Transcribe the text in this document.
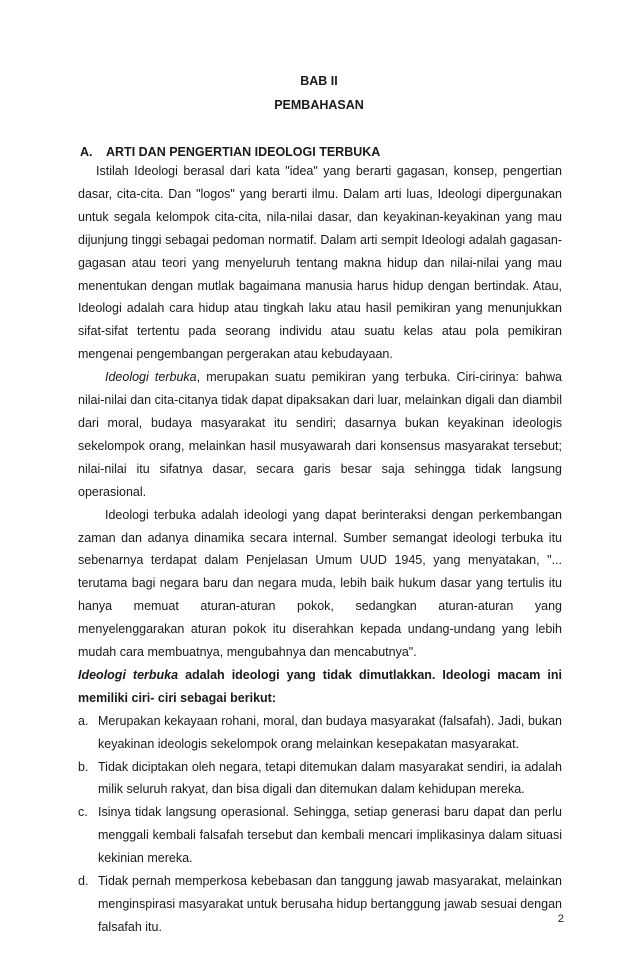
BAB II
PEMBAHASAN
A. ARTI DAN PENGERTIAN IDEOLOGI TERBUKA

Istilah Ideologi berasal dari kata "idea" yang berarti gagasan, konsep, pengertian dasar, cita-cita. Dan "logos" yang berarti ilmu. Dalam arti luas, Ideologi dipergunakan untuk segala kelompok cita-cita, nila-nilai dasar, dan keyakinan-keyakinan yang mau dijunjung tinggi sebagai pedoman normatif. Dalam arti sempit Ideologi adalah gagasan-gagasan atau teori yang menyeluruh tentang makna hidup dan nilai-nilai yang mau menentukan dengan mutlak bagaimana manusia harus hidup dengan bertindak. Atau, Ideologi adalah cara hidup atau tingkah laku atau hasil pemikiran yang menunjukkan sifat-sifat tertentu pada seorang individu atau suatu kelas atau pola pemikiran mengenai pengembangan pergerakan atau kebudayaan.

Ideologi terbuka, merupakan suatu pemikiran yang terbuka. Ciri-cirinya: bahwa nilai-nilai dan cita-citanya tidak dapat dipaksakan dari luar, melainkan digali dan diambil dari moral, budaya masyarakat itu sendiri; dasarnya bukan keyakinan ideologis sekelompok orang, melainkan hasil musyawarah dari konsensus masyarakat tersebut; nilai-nilai itu sifatnya dasar, secara garis besar saja sehingga tidak langsung operasional.

Ideologi terbuka adalah ideologi yang dapat berinteraksi dengan perkembangan zaman dan adanya dinamika secara internal. Sumber semangat ideologi terbuka itu sebenarnya terdapat dalam Penjelasan Umum UUD 1945, yang menyatakan, "... terutama bagi negara baru dan negara muda, lebih baik hukum dasar yang tertulis itu hanya memuat aturan-aturan pokok, sedangkan aturan-aturan yang menyelenggarakan aturan pokok itu diserahkan kepada undang-undang yang lebih mudah cara membuatnya, mengubahnya dan mencabutnya".

Ideologi terbuka adalah ideologi yang tidak dimutlakkan. Ideologi macam ini memiliki ciri- ciri sebagai berikut:

a. Merupakan kekayaan rohani, moral, dan budaya masyarakat (falsafah). Jadi, bukan keyakinan ideologis sekelompok orang melainkan kesepakatan masyarakat.
b. Tidak diciptakan oleh negara, tetapi ditemukan dalam masyarakat sendiri, ia adalah milik seluruh rakyat, dan bisa digali dan ditemukan dalam kehidupan mereka.
c. Isinya tidak langsung operasional. Sehingga, setiap generasi baru dapat dan perlu menggali kembali falsafah tersebut dan kembali mencari implikasinya dalam situasi kekinian mereka.
d. Tidak pernah memperkosa kebebasan dan tanggung jawab masyarakat, melainkan menginspirasi masyarakat untuk berusaha hidup bertanggung jawab sesuai dengan falsafah itu.
2
